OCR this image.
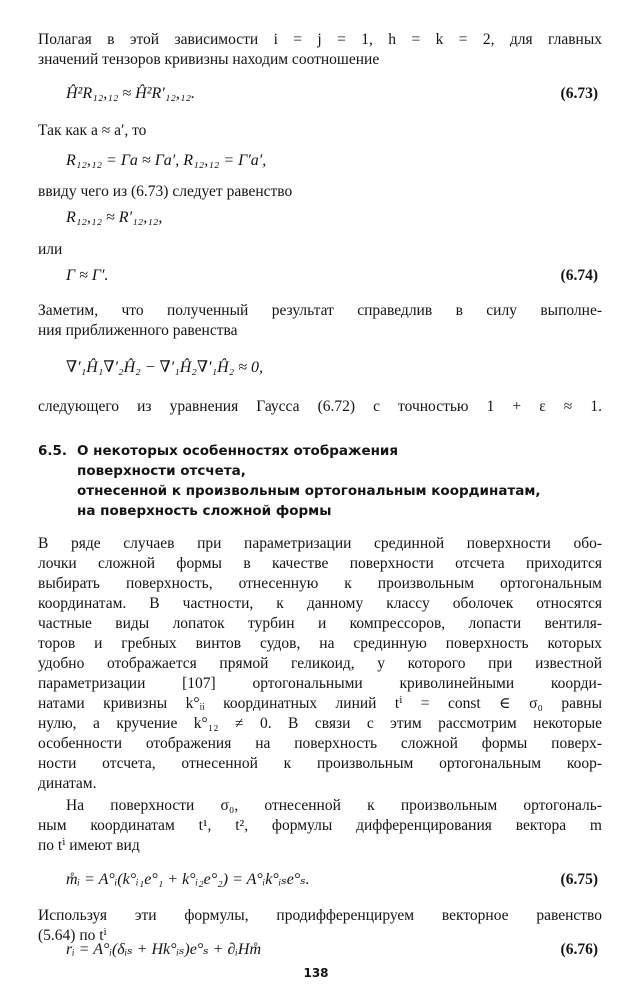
Полагая в этой зависимости i = j = 1, h = k = 2, для главных
значений тензоров кривизны находим соотношение
Ĥ²R₁₂,₁₂ ≈ Ĥ²R′₁₂,₁₂.	(6.73)
Так как a ≈ a′, то
R₁₂,₁₂ = Γa ≈ Γa′, R₁₂,₁₂ = Γ′a′,
ввиду чего из (6.73) следует равенство
R₁₂,₁₂ ≈ R′₁₂,₁₂,
или
Γ ≈ Γ′.	(6.74)
Заметим, что полученный результат справедлив в силу выполне-
ния приближенного равенства
∇′₁Ĥ₁∇′₂Ĥ₂ − ∇′₁Ĥ₂∇′₁Ĥ₂ ≈ 0,
следующего из уравнения Гаусса (6.72) с точностью 1 + ε ≈ 1.
6.5. О некоторых особенностях отображения
поверхности отсчета,
отнесенной к произвольным ортогональным координатам,
на поверхность сложной формы
В ряде случаев при параметризации срединной поверхности обо-
лочки сложной формы в качестве поверхности отсчета приходится
выбирать поверхность, отнесенную к произвольным ортогональным
координатам. В частности, к данному классу оболочек относятся
частные виды лопаток турбин и компрессоров, лопасти вентиля-
торов и гребных винтов судов, на срединную поверхность которых
удобно отображается прямой геликоид, у которого при известной
параметризации [107] ортогональными криволинейными коорди-
натами кривизны k°ᵢᵢ координатных линий tⁱ = const ∈ σ₀ равны
нулю, а кручение k°₁₂ ≠ 0. В связи с этим рассмотрим некоторые
особенности отображения на поверхность сложной формы поверх-
ности отсчета, отнесенной к произвольным ортогональным коор-
динатам.
На поверхности σ₀, отнесенной к произвольным ортогональ-
ным координатам t¹, t², формулы дифференцирования вектора m
по tⁱ имеют вид
m̊ᵢ = A°ᵢ(k°ᵢ₁e°₁ + k°ᵢ₂e°₂) = A°ᵢk°ᵢₛe°ₛ.	(6.75)
Используя эти формулы, продифференцируем векторное равенство
(5.64) по tⁱ
rᵢ = A°ᵢ(δᵢₛ + Hk°ᵢₛ)e°ₛ + ∂ᵢHm̊	(6.76)
138
